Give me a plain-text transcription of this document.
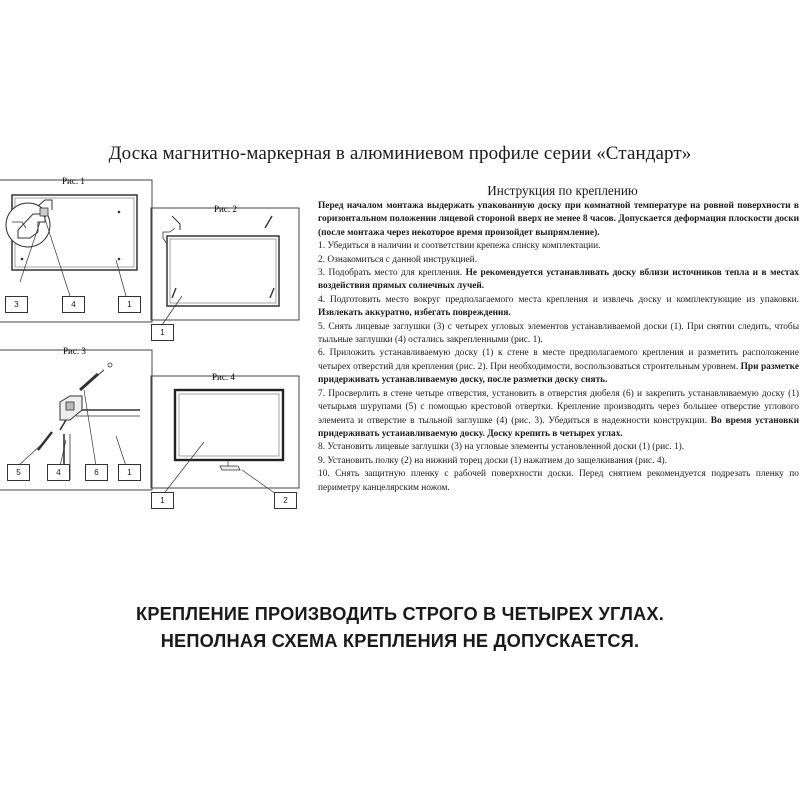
Доска магнитно-маркерная в алюминиевом профиле серии «Стандарт»
Рис. 1
3	4	1
Рис. 2
1
Рис. 3
5	4	6	1
Рис. 4
1	2
Инструкция по креплению

Перед началом монтажа выдержать упакованную доску при комнатной температуре на ровной поверхности в горизонтальном положении лицевой стороной вверх не менее 8 часов. Допускается деформация плоскости доски (после монтажа через некоторое время произойдет выпрямление).

1. Убедиться в наличии и соответствии крепежа списку комплектации.
2. Ознакомиться с данной инструкцией.
3. Подобрать место для крепления. Не рекомендуется устанавливать доску вблизи источников тепла и в местах воздействия прямых солнечных лучей.
4. Подготовить место вокруг предполагаемого места крепления и извлечь доску и комплектующие из упаковки. Извлекать аккуратно, избегать повреждения.
5. Снять лицевые заглушки (3) с четырех угловых элементов устанавливаемой доски (1). При снятии следить, чтобы тыльные заглушки (4) остались закрепленными (рис. 1).
6. Приложить устанавливаемую доску (1) к стене в месте предполагаемого крепления и разметить расположение четырех отверстий для крепления (рис. 2). При необходимости, воспользоваться строительным уровнем. При разметке придерживать устанавливаемую доску, после разметки доску снять.
7. Просверлить в стене четыре отверстия, установить в отверстия дюбеля (6) и закрепить устанавливаемую доску (1) четырьмя шурупами (5) с помощью крестовой отвертки. Крепление производить через большее отверстие углового элемента и отверстие в тыльной заглушке (4) (рис. 3). Убедиться в надежности конструкции. Во время установки придерживать устанавливаемую доску. Доску крепить в четырех углах.
8. Установить лицевые заглушки (3) на угловые элементы установленной доски (1) (рис. 1).
9. Установить полку (2) на нижний торец доски (1) нажатием до защелкивания (рис. 4).
10. Снять защитную пленку с рабочей поверхности доски. Перед снятием рекомендуется подрезать пленку по периметру канцелярским ножом.
КРЕПЛЕНИЕ ПРОИЗВОДИТЬ СТРОГО В ЧЕТЫРЕХ УГЛАХ.
НЕПОЛНАЯ СХЕМА КРЕПЛЕНИЯ НЕ ДОПУСКАЕТСЯ.
